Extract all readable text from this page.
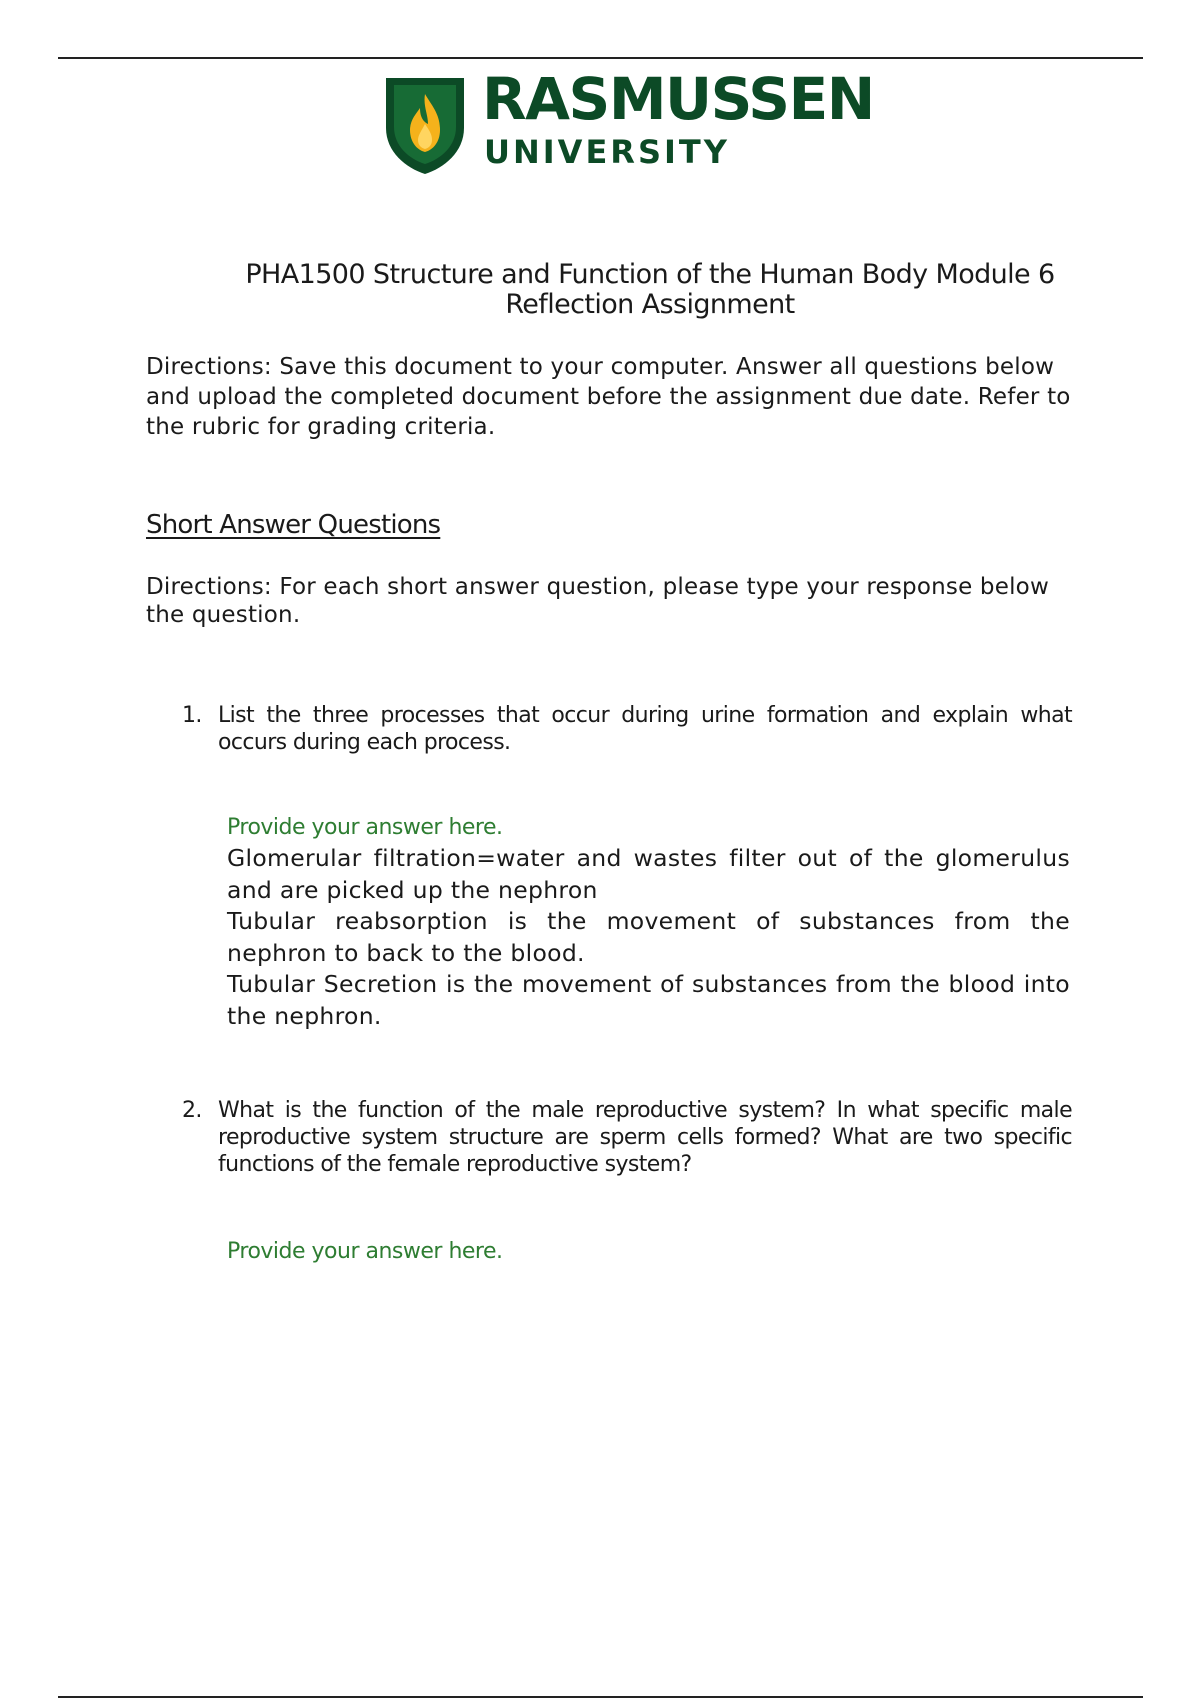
RASMUSSEN
UNIVERSITY
PHA1500 Structure and Function of the Human Body Module 6
Reflection Assignment
Directions: Save this document to your computer. Answer all questions below and upload the completed document before the assignment due date. Refer to the rubric for grading criteria.
Short Answer Questions
Directions: For each short answer question, please type your response below the question.
1. List the three processes that occur during urine formation and explain what occurs during each process.
Provide your answer here.

Glomerular filtration=water and wastes filter out of the glomerulus and are picked up the nephron

Tubular reabsorption is the movement of substances from the nephron to back to the blood.

Tubular Secretion is the movement of substances from the blood into the nephron.

2. What is the function of the male reproductive system? In what specific male reproductive system structure are sperm cells formed? What are two specific functions of the female reproductive system?
Provide your answer here.
